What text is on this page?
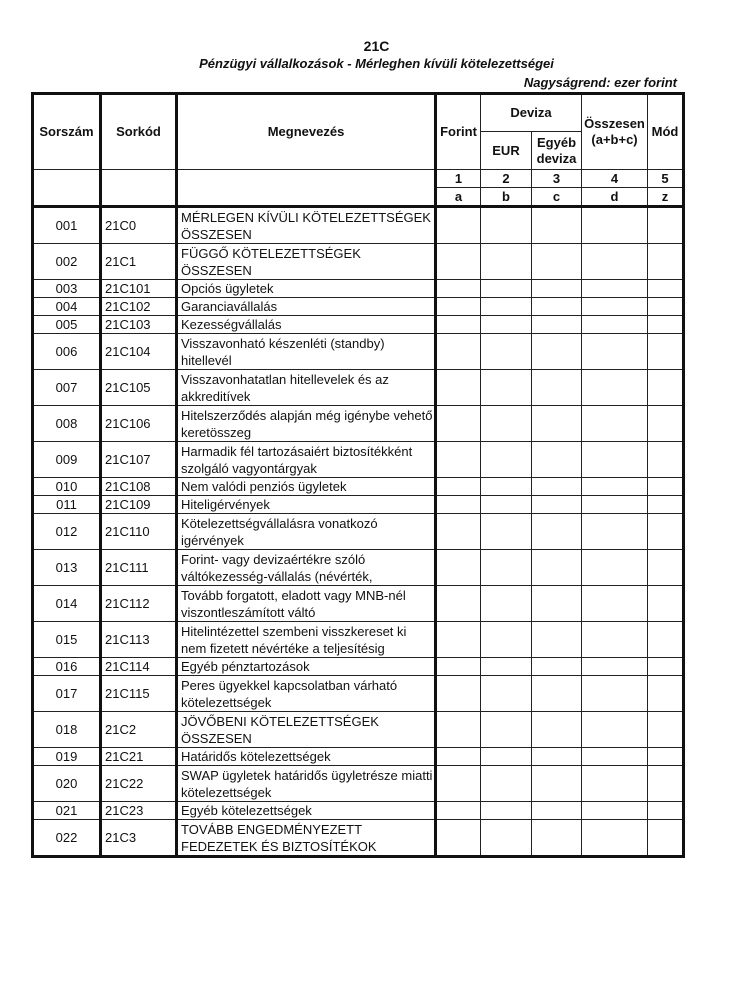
21C
Pénzügyi vállalkozások - Mérleghen kívüli kötelezettségei
Nagyságrend: ezer forint
Sorszám	Sorkód	Megnevezés	Forint	Deviza		Összesen (a+b+c)	Mód
				EUR	Egyéb deviza		
			1	2	3	4	5
			a	b	c	d	z
001	21C0	MÉRLEGEN KÍVÜLI KÖTELEZETTSÉGEK ÖSSZESEN					
002	21C1	FÜGGŐ KÖTELEZETTSÉGEK ÖSSZESEN					
003	21C101	Opciós ügyletek					
004	21C102	Garanciavállalás					
005	21C103	Kezességvállalás					
006	21C104	Visszavonható készenléti (standby) hitellevél					
007	21C105	Visszavonhatatlan hitellevelek és az akkreditívek					
008	21C106	Hitelszerződés alapján még igénybe vehető keretösszeg					
009	21C107	Harmadik fél tartozásaiért biztosítékként szolgáló vagyontárgyak					
010	21C108	Nem valódi penziós ügyletek					
011	21C109	Hiteligérvények					
012	21C110	Kötelezettségvállalásra vonatkozó igérvények					
013	21C111	Forint- vagy devizaértékre szóló váltókezesség-vállalás (névérték,					
014	21C112	Tovább forgatott, eladott vagy MNB-nél viszontleszámított váltó					
015	21C113	Hitelintézettel szembeni visszkereset ki nem fizetett névértéke a teljesítésig					
016	21C114	Egyéb pénztartozások					
017	21C115	Peres ügyekkel kapcsolatban várható kötelezettségek					
018	21C2	JÖVŐBENI KÖTELEZETTSÉGEK ÖSSZESEN					
019	21C21	Határidős kötelezettségek					
020	21C22	SWAP ügyletek határidős ügyletrésze miatti kötelezettségek					
021	21C23	Egyéb kötelezettségek					
022	21C3	TOVÁBB ENGEDMÉNYEZETT FEDEZETEK ÉS BIZTOSÍTÉKOK					
